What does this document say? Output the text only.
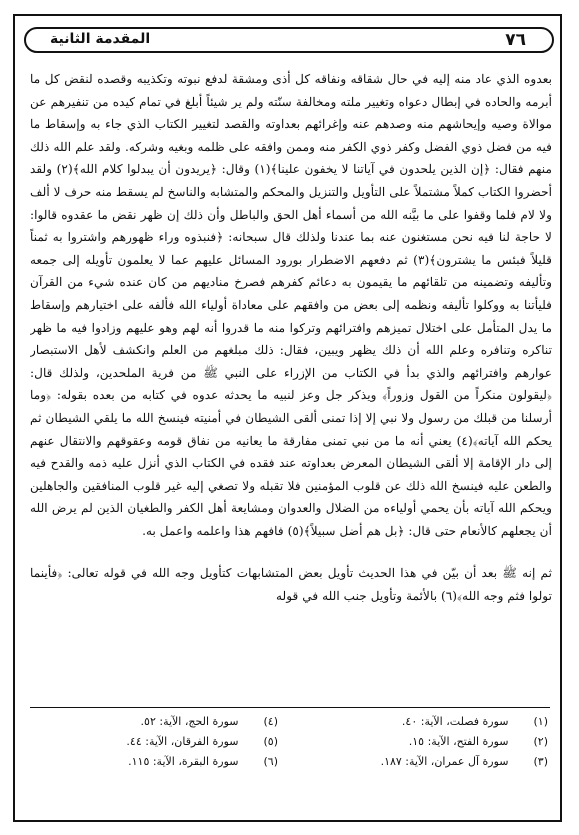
٧٦
المقدمة الثانية

بعدوه الذي عاد منه إليه في حال شقاقه ونفاقه كل أذى ومشقة لدفع نبوته وتكذيبه وقصده لنقض كل ما أبرمه والحاده في إبطال دعواه وتغيير ملته ومخالفة سنّته ولم ير شيئاً أبلغ في تمام كيده من تنفيرهم عن موالاة وصيه وإيحاشهم منه وصدهم عنه وإغرائهم بعداوته والقصد لتغيير الكتاب الذي جاء به وإسقاط ما فيه من فضل ذوي الفضل وكفر ذوي الكفر منه وممن وافقه على ظلمه وبغيه وشركه. ولقد علم الله ذلك منهم فقال: ﴿إن الذين يلحدون في آياتنا لا يخفون علينا﴾(١) وقال: ﴿يريدون أن يبدلوا كلام الله﴾(٢) ولقد أحضروا الكتاب كملاً مشتملاً على التأويل والتنزيل والمحكم والمتشابه والناسخ لم يسقط منه حرف لا ألف ولا لام فلما وقفوا على ما بيَّنه الله من أسماء أهل الحق والباطل وأن ذلك إن ظهر نقض ما عقدوه قالوا: لا حاجة لنا فيه نحن مستغنون عنه بما عندنا ولذلك قال سبحانه: ﴿فنبذوه وراء ظهورهم واشتروا به ثمناً قليلاً فبئس ما يشترون﴾(٣) ثم دفعهم الاضطرار بورود المسائل عليهم عما لا يعلمون تأويله إلى جمعه وتأليفه وتضمينه من تلقائهم ما يقيمون به دعائم كفرهم فصرخ مناديهم من كان عنده شيء من القرآن فليأتنا به ووكلوا تأليفه ونظمه إلى بعض من وافقهم على معاداة أولياء الله فألفه على اختيارهم وإسقاط ما يدل المتأمل على اختلال تميزهم وافترائهم وتركوا منه ما قدروا أنه لهم وهو عليهم وزادوا فيه ما ظهر تناكره وتنافره وعلم الله أن ذلك يظهر ويبين، فقال: ذلك مبلغهم من العلم وانكشف لأهل الاستبصار عوارهم وافترائهم والذي بدأ في الكتاب من الإزراء على النبي ﷺ من فرية الملحدين، ولذلك قال: ﴿ليقولون منكراً من القول وزوراً﴾ ويذكر جل وعز لنبيه ما يحدثه عدوه في كتابه من بعده بقوله: ﴿وما أرسلنا من قبلك من رسول ولا نبي إلا إذا تمنى ألقى الشيطان في أمنيته فينسخ الله ما يلقي الشيطان ثم يحكم الله آياته﴾(٤) يعني أنه ما من نبي تمنى مفارقة ما يعانيه من نفاق قومه وعقوقهم والانتقال عنهم إلى دار الإقامة إلا ألقى الشيطان المعرض بعداوته عند فقده في الكتاب الذي أنزل عليه ذمه والقدح فيه والطعن عليه فينسخ الله ذلك عن قلوب المؤمنين فلا تقبله ولا تصغي إليه غير قلوب المنافقين والجاهلين ويحكم الله آياته بأن يحمي أولياءه من الضلال والعدوان ومشايعة أهل الكفر والطغيان الذين لم يرض الله أن يجعلهم كالأنعام حتى قال: ﴿بل هم أضل سبيلاً﴾(٥) فافهم هذا واعلمه واعمل به.

ثم إنه ﷺ بعد أن بيّن في هذا الحديث تأويل بعض المتشابهات كتأويل وجه الله في قوله تعالى: ﴿فأينما تولوا فثم وجه الله﴾(٦) بالأئمة وتأويل جنب الله في قوله

(١) سورة فصلت، الآية: ٤٠.
(٢) سورة الفتح، الآية: ١٥.
(٣) سورة آل عمران، الآية: ١٨٧.
(٤) سورة الحج، الآية: ٥٢.
(٥) سورة الفرقان، الآية: ٤٤.
(٦) سورة البقرة، الآية: ١١٥.
